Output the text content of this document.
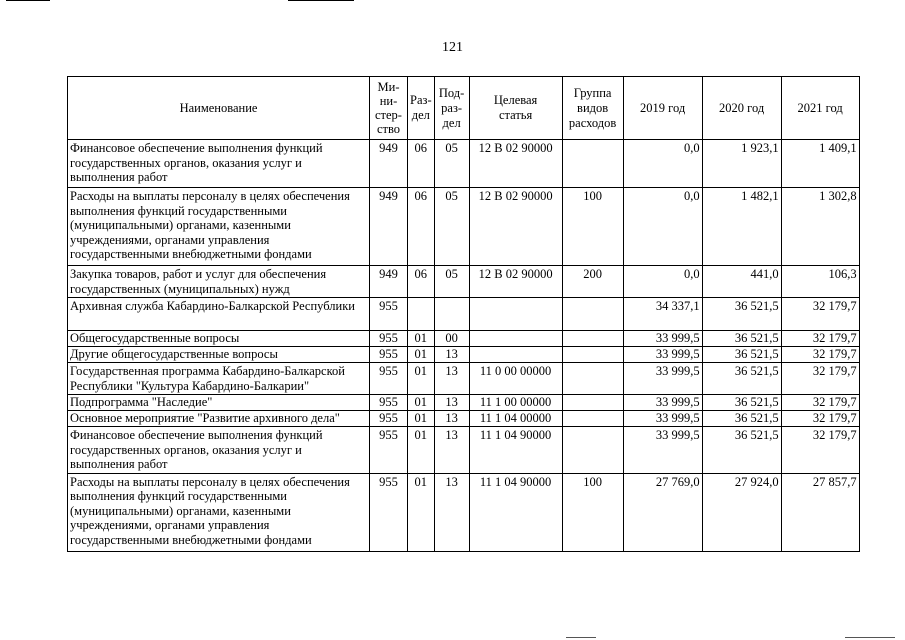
121
Наименование	Ми-
ни-
стер-
ство	Раз-
дел	Под-
раз-
дел	Целевая
статья	Группа
видов
расходов	2019 год	2020 год	2021 год
Финансовое обеспечение выполнения функций государственных органов, оказания услуг и выполнения работ	949	06	05	12 В 02 90000		0,0	1 923,1	1 409,1
Расходы на выплаты персоналу в целях обеспечения выполнения функций государственными (муниципальными) органами, казенными учреждениями, органами управления государственными внебюджетными фондами	949	06	05	12 В 02 90000	100	0,0	1 482,1	1 302,8
Закупка товаров, работ и услуг для обеспечения государственных (муниципальных) нужд	949	06	05	12 В 02 90000	200	0,0	441,0	106,3
Архивная служба Кабардино-Балкарской Республики	955					34 337,1	36 521,5	32 179,7
Общегосударственные вопросы	955	01	00			33 999,5	36 521,5	32 179,7
Другие общегосударственные вопросы	955	01	13			33 999,5	36 521,5	32 179,7
Государственная программа Кабардино-Балкарской Республики "Культура Кабардино-Балкарии"	955	01	13	11 0 00 00000		33 999,5	36 521,5	32 179,7
Подпрограмма "Наследие"	955	01	13	11 1 00 00000		33 999,5	36 521,5	32 179,7
Основное мероприятие "Развитие архивного дела"	955	01	13	11 1 04 00000		33 999,5	36 521,5	32 179,7
Финансовое обеспечение выполнения функций государственных органов, оказания услуг и выполнения работ	955	01	13	11 1 04 90000		33 999,5	36 521,5	32 179,7
Расходы на выплаты персоналу в целях обеспечения выполнения функций государственными (муниципальными) органами, казенными учреждениями, органами управления государственными внебюджетными фондами	955	01	13	11 1 04 90000	100	27 769,0	27 924,0	27 857,7
